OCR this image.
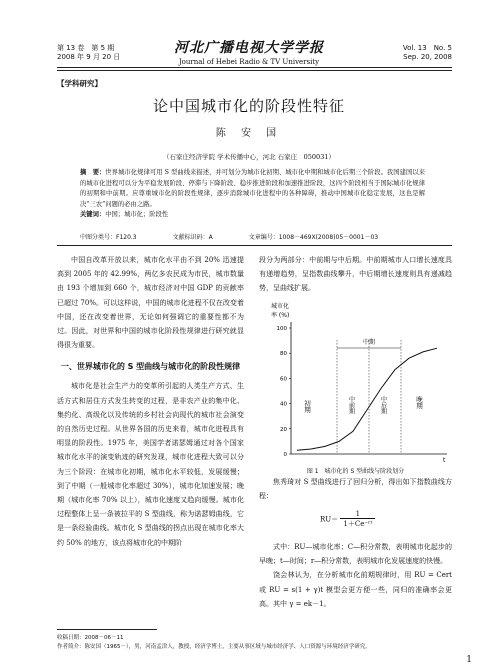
第 13 卷　第 5 期
2008 年 9 月 20 日
河北广播电视大学学报
Journal of Hebei Radio & TV University
Vol. 13　No. 5
Sep. 20, 2008
【学科研究】
论中国城市化的阶段性特征
陈 安 国
（石家庄经济学院 学术传播中心，河北 石家庄　050031）
摘　要：世界城市化规律可用 S 型曲线来描述，并可划分为城市化初期、城市化中期和城市化后期三个阶段。我国建国以来的城市化进程可以分为平稳发展阶段、停滞与下降阶段、稳步推进阶段和加速推进阶段，这四个阶段相当于国际城市化规律的初期和中前期。应尊重城市化的阶段性规律，逐步消除城市化进程中的各种障碍，推动中国城市化稳定发展，这也是解决“三农”问题的必由之路。
关键词：中国；城市化；阶段性
中图分类号：F120.3	文献标识码：A	文章编号：1008－469X(2008)05－0001－03
中国自改革开放以来，城市化水平由不到 20% 迅速提高到 2005 年的 42.99%，两亿多农民成为市民，城市数量由 193 个增加到 660 个，城市经济对中国 GDP 的贡献率已超过 70%。可以这样说，中国的城市化进程不仅在改变着中国，还在改变着世界，无论如何强调它的重要性都不为过。因此，对世界和中国的城市化阶段性规律进行研究就显得很为重要。
一、世界城市化的 S 型曲线与城市化的阶段性规律
城市化是社会生产力的变革所引起的人类生产方式、生活方式和居住方式发生转变的过程，是非农产业的集中化、集约化、高级化以及传统的乡村社会向现代的城市社会演变的自然历史过程。从世界各国的历史来看，城市化进程具有明显的阶段性。1975 年，美国学者诺瑟姆通过对各个国家城市化水平的演变轨迹的研究发现，城市化进程大致可以分为三个阶段：在城市化初期，城市化水平较低，发展缓慢；到了中期（一般城市化率超过 30%），城市化加速发展；晚期（城市化率 70% 以上），城市化速度又趋向缓慢。城市化过程整体上呈一条被拉平的 S 型曲线，称为诺瑟姆曲线，它是一条经验曲线。城市化 S 型曲线的拐点出现在城市化率大约 50% 的地方，该点将城市化的中期阶
段分为两部分：中前期与中后期。中前期城市人口增长速度具有递增趋势，呈指数曲线攀升，中后期增长速度则具有递减趋势，呈曲线扩展。
城市化
率 (%)
t
0
20
40
60
80
100
中期
初期	中前期	中后期	晚期
图 1　城市化的 S 型曲线与阶段划分
焦秀琦对 S 型曲线进行了回归分析，得出如下指数曲线方程：
$RU= \frac{1}{\text{1＋Ce⁻ʳᵗ}}$
式中：RU—城市化率；C—积分常数，表明城市化起步的早晚；t—时间；r—积分常数，表明城市化发展速度的快慢。
饶会林认为，在分析城市化前期规律时，用 RU = Cert 或 RU = s(1 + γ)t 模型会更方便一些，同归的准确率会更高。其中 γ = ek－1。
收稿日期：2008－06－11
作者简介：陈安国（1965－），男，河南孟津人，教授，经济学博士，主要从事区域与城市经济学、人口资源与环境经济学研究。
1
